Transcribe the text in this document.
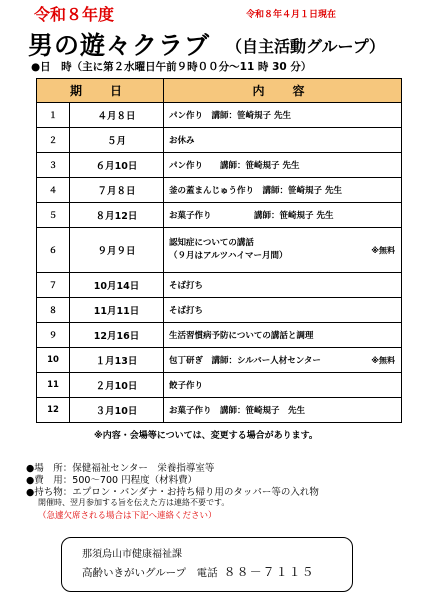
令和８年度	令和８年４月１日現在
男の遊々クラブ （自主活動グループ）
●日　時（主に第２水曜日午前９時００分～11 時 30 分）
期　日		内　容
１	４月８日	パン作り　講師：笹崎規子 先生
２	５月	お休み
３	６月10日	パン作り　　講師：笹崎規子 先生
４	７月８日	釜の蓋まんじゅう作り　講師：笹崎規子 先生
５	８月12日	お菓子作り　　　　　講師：笹崎規子 先生
６	９月９日	認知症についての講話
（９月はアルツハイマー月間）
※無料

７	10月14日	そば打ち
８	11月11日	そば打ち
９	12月16日	生活習慣病予防についての講話と調理
10	１月13日	包丁研ぎ　講師：シルバー人材センター ※無料

11	２月10日	餃子作り
12	３月10日	お菓子作り　講師：笹崎規子　先生
※内容・会場等については、変更する場合があります。
●場　所：保健福祉センター　栄養指導室等
●費　用：500～700 円程度（材料費）
●持ち物：エプロン・バンダナ・お持ち帰り用のタッパー等の入れ物
開催時、翌月参加する旨を伝えた方は連絡不要です。
（急遽欠席される場合は下記へ連絡ください）
那須烏山市健康福祉課
高齢いきがいグループ　電話 ８８－７１１５
